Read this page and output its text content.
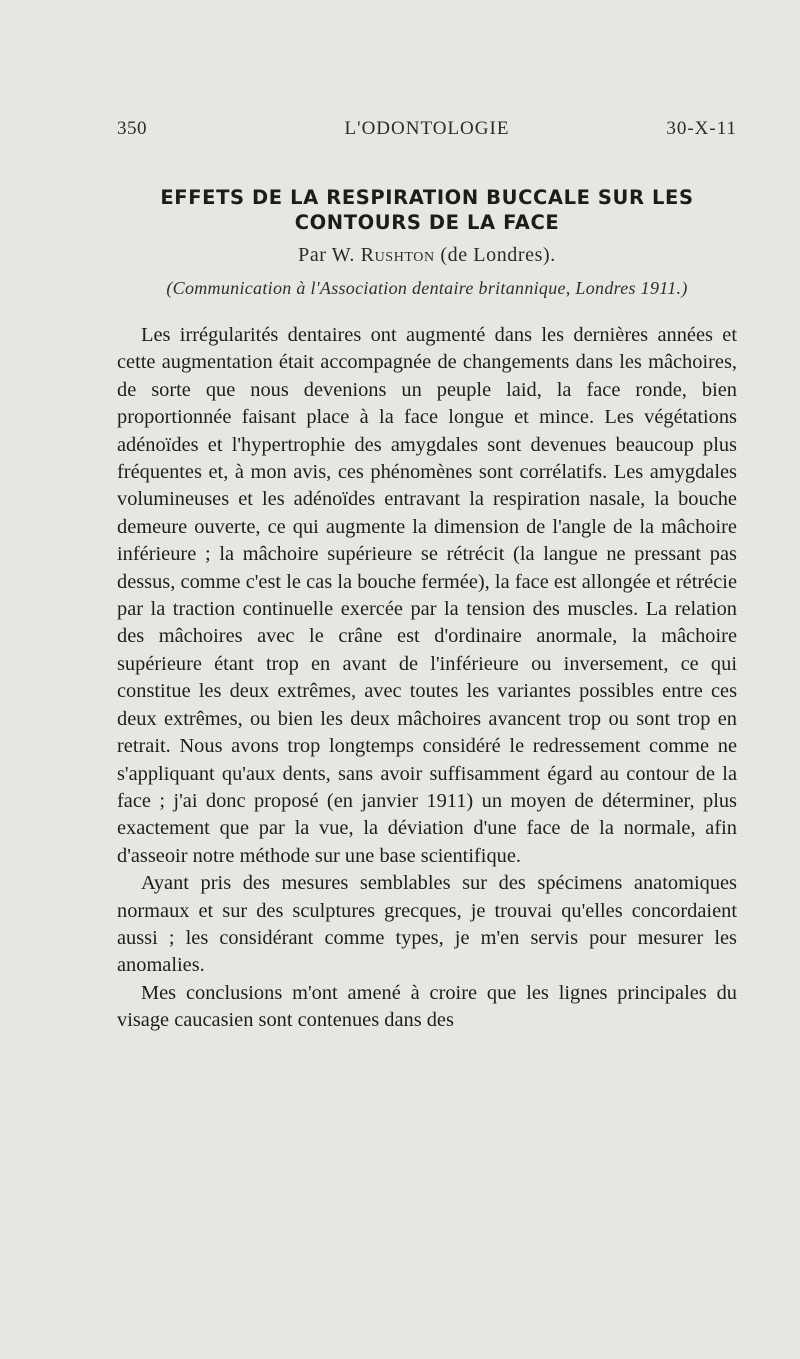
350	L'ODONTOLOGIE	30-X-11
EFFETS DE LA RESPIRATION BUCCALE SUR LES
CONTOURS DE LA FACE
Par W. Rushton (de Londres).
(Communication à l'Association dentaire britannique, Londres 1911.)

Les irrégularités dentaires ont augmenté dans les dernières années et cette augmentation était accompagnée de changements dans les mâchoires, de sorte que nous devenions un peuple laid, la face ronde, bien proportionnée faisant place à la face longue et mince. Les végétations adénoïdes et l'hypertrophie des amygdales sont devenues beaucoup plus fréquentes et, à mon avis, ces phénomènes sont corrélatifs. Les amygdales volumineuses et les adénoïdes entravant la respiration nasale, la bouche demeure ouverte, ce qui augmente la dimension de l'angle de la mâchoire inférieure ; la mâchoire supérieure se rétrécit (la langue ne pressant pas dessus, comme c'est le cas la bouche fermée), la face est allongée et rétrécie par la traction continuelle exercée par la tension des muscles. La relation des mâchoires avec le crâne est d'ordinaire anormale, la mâchoire supérieure étant trop en avant de l'inférieure ou inversement, ce qui constitue les deux extrêmes, avec toutes les variantes possibles entre ces deux extrêmes, ou bien les deux mâchoires avancent trop ou sont trop en retrait. Nous avons trop longtemps considéré le redressement comme ne s'appliquant qu'aux dents, sans avoir suffisamment égard au contour de la face ; j'ai donc proposé (en janvier 1911) un moyen de déterminer, plus exactement que par la vue, la déviation d'une face de la normale, afin d'asseoir notre méthode sur une base scientifique.

Ayant pris des mesures semblables sur des spécimens anatomiques normaux et sur des sculptures grecques, je trouvai qu'elles concordaient aussi ; les considérant comme types, je m'en servis pour mesurer les anomalies.

Mes conclusions m'ont amené à croire que les lignes principales du visage caucasien sont contenues dans des
